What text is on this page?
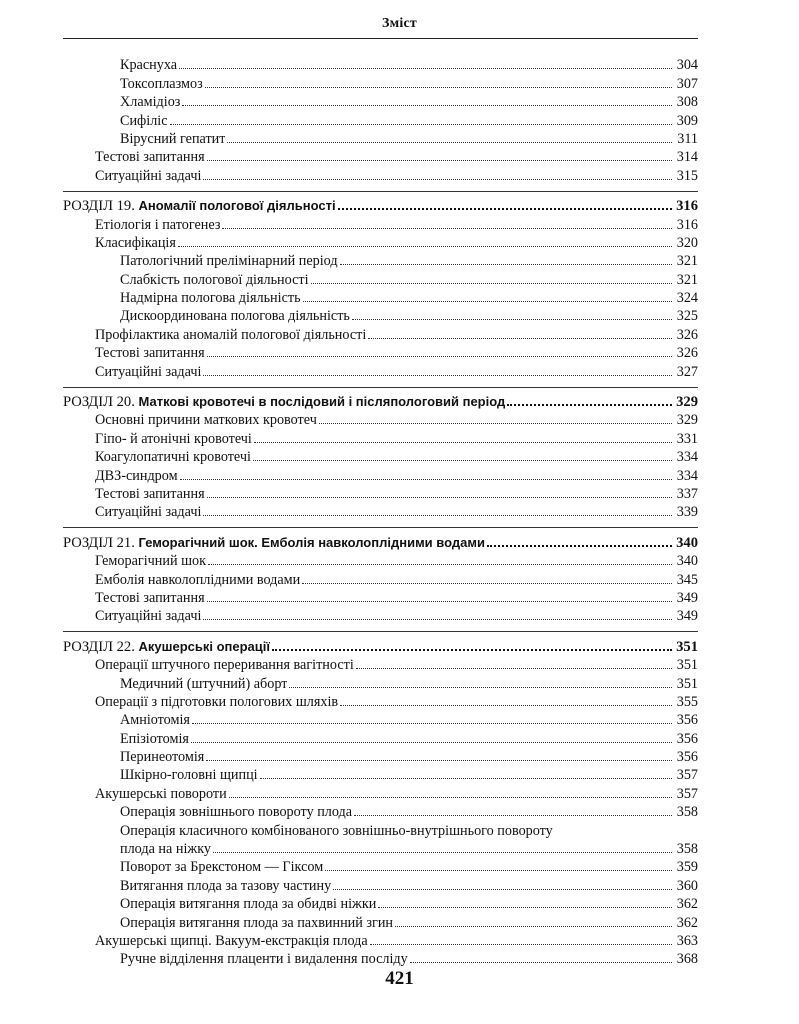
Зміст
Краснуха	304
Токсоплазмоз	307
Хламідіоз	308
Сифіліс	309
Вірусний гепатит	311
Тестові запитання	314
Ситуаційні задачі	315
РОЗДІЛ 19. Аномалії пологової діяльності	316
Етіологія і патогенез	316
Класифікація	320
Патологічний прелімінарний період	321
Слабкість пологової діяльності	321
Надмірна пологова діяльність	324
Дискоординована пологова діяльність	325
Профілактика аномалій пологової діяльності	326
Тестові запитання	326
Ситуаційні задачі	327
РОЗДІЛ 20. Маткові кровотечі в послідовий і післяпологовий період	329
Основні причини маткових кровотеч	329
Гіпо- й атонічні кровотечі	331
Коагулопатичні кровотечі	334
ДВЗ-синдром	334
Тестові запитання	337
Ситуаційні задачі	339
РОЗДІЛ 21. Геморагічний шок. Емболія навколоплідними водами	340
Геморагічний шок	340
Емболія навколоплідними водами	345
Тестові запитання	349
Ситуаційні задачі	349
РОЗДІЛ 22. Акушерські операції	351
Операції штучного переривання вагітності	351
Медичний (штучний) аборт	351
Операції з підготовки пологових шляхів	355
Амніотомія	356
Епізіотомія	356
Перинеотомія	356
Шкірно-головні щипці	357
Акушерські повороти	357
Операція зовнішнього повороту плода	358
Операція класичного комбінованого зовнішньо-внутрішнього повороту
плода на ніжку	358
Поворот за Брекстоном — Гіксом	359
Витягання плода за тазову частину	360
Операція витягання плода за обидві ніжки	362
Операція витягання плода за пахвинний згин	362
Акушерські щипці. Вакуум-екстракція плода	363
Ручне відділення плаценти і видалення посліду	368
421
